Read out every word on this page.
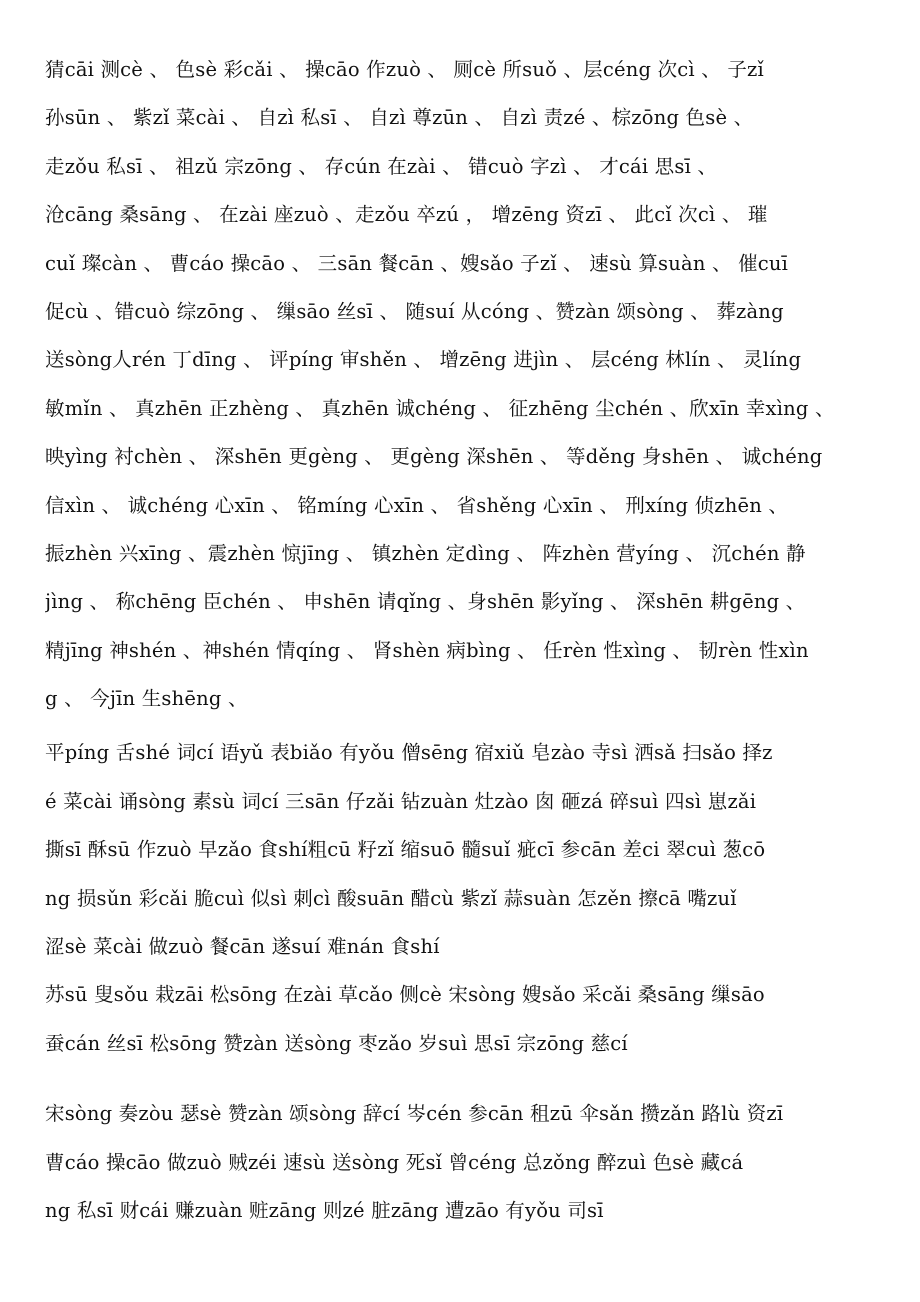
猜cāi 测cè 、 色sè 彩cǎi 、 操cāo 作zuò 、 厕cè 所suǒ 、层céng 次cì 、 子zǐ
孙sūn 、 紫zǐ 菜cài 、 自zì 私sī 、 自zì 尊zūn 、 自zì 责zé 、棕zōng 色sè 、
走zǒu 私sī 、 祖zǔ 宗zōng 、 存cún 在zài 、 错cuò 字zì 、 才cái 思sī 、
沧cāng 桑sāng 、 在zài 座zuò 、走zǒu 卒zú ， 增zēng 资zī 、 此cǐ 次cì 、 璀
cuǐ 璨càn 、 曹cáo 操cāo 、 三sān 餐cān 、嫂sǎo 子zǐ 、 速sù 算suàn 、 催cuī
促cù 、错cuò 综zōng 、 缫sāo 丝sī 、 随suí 从cóng 、赞zàn 颂sòng 、 葬zàng
送sòng人rén 丁dīng 、 评píng 审shěn 、 增zēng 进jìn 、 层céng 林lín 、 灵líng
敏mǐn 、 真zhēn 正zhèng 、 真zhēn 诚chéng 、 征zhēng 尘chén 、欣xīn 幸xìng 、
映yìng 衬chèn 、 深shēn 更gèng 、 更gèng 深shēn 、 等děng 身shēn 、 诚chéng
信xìn 、 诚chéng 心xīn 、 铭míng 心xīn 、 省shěng 心xīn 、 刑xíng 侦zhēn 、
振zhèn 兴xīng 、震zhèn 惊jīng 、 镇zhèn 定dìng 、 阵zhèn 营yíng 、 沉chén 静
jìng 、 称chēng 臣chén 、 申shēn 请qǐng 、身shēn 影yǐng 、 深shēn 耕gēng 、
精jīng 神shén 、神shén 情qíng 、 肾shèn 病bìng 、 任rèn 性xìng 、 韧rèn 性xìn
g 、 今jīn 生shēng 、
平píng 舌shé 词cí 语yǔ 表biǎo 有yǒu 僧sēng 宿xiǔ 皂zào 寺sì 洒sǎ 扫sǎo 择z
é 菜cài 诵sòng 素sù 词cí 三sān 仔zǎi 钻zuàn 灶zào 囱 砸zá 碎suì 四sì 崽zǎi
撕sī 酥sū 作zuò 早zǎo 食shí粗cū 籽zǐ 缩suō 髓suǐ 疵cī 参cān 差ci 翠cuì 葱cō
ng 损sǔn 彩cǎi 脆cuì 似sì 刺cì 酸suān 醋cù 紫zǐ 蒜suàn 怎zěn 擦cā 嘴zuǐ
涩sè 菜cài 做zuò 餐cān 遂suí 难nán 食shí
苏sū 叟sǒu 栽zāi 松sōng 在zài 草cǎo 侧cè 宋sòng 嫂sǎo 采cǎi 桑sāng 缫sāo
蚕cán 丝sī 松sōng 赞zàn 送sòng 枣zǎo 岁suì 思sī 宗zōng 慈cí
宋sòng 奏zòu 瑟sè 赞zàn 颂sòng 辞cí 岑cén 参cān 租zū 伞sǎn 攒zǎn 路lù 资zī
曹cáo 操cāo 做zuò 贼zéi 速sù 送sòng 死sǐ 曾céng 总zǒng 醉zuì 色sè 藏cá
ng 私sī 财cái 赚zuàn 赃zāng 则zé 脏zāng 遭zāo 有yǒu 司sī
